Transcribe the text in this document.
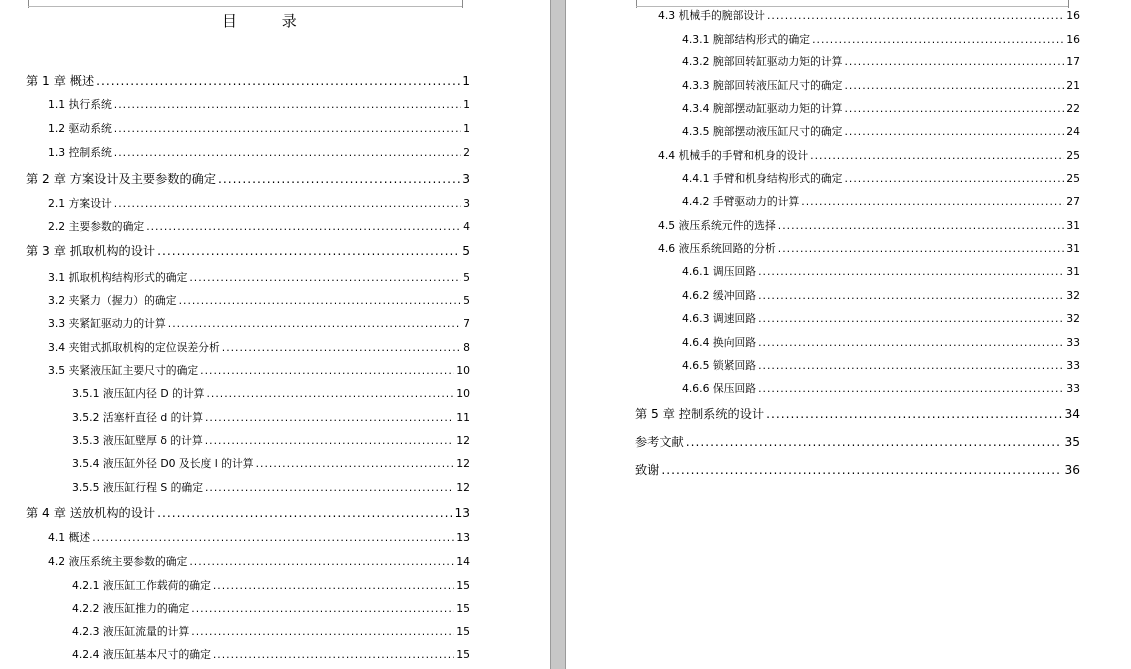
目 录
第 1 章 概述 .....	1
1.1 执行系统 .....	1
1.2 驱动系统 .....	1
1.3 控制系统 .....	2
第 2 章 方案设计及主要参数的确定 .....	3
2.1 方案设计 .....	3
2.2 主要参数的确定 .....	4
第 3 章 抓取机构的设计 .....	5
3.1 抓取机构结构形式的确定 .....	5
3.2 夹紧力（握力）的确定 .....	5
3.3 夹紧缸驱动力的计算 .....	7
3.4 夹钳式抓取机构的定位误差分析 .....	8
3.5 夹紧液压缸主要尺寸的确定 .....	10
3.5.1 液压缸内径 D 的计算 .....	10
3.5.2 活塞杆直径 d 的计算 .....	11
3.5.3 液压缸壁厚 δ 的计算 .....	12
3.5.4 液压缸外径 D0 及长度 l 的计算 .....	12
3.5.5 液压缸行程 S 的确定 .....	12
第 4 章 送放机构的设计 .....	13
4.1 概述 .....	13
4.2 液压系统主要参数的确定 .....	14
4.2.1 液压缸工作载荷的确定 .....	15
4.2.2 液压缸推力的确定 .....	15
4.2.3 液压缸流量的计算 .....	15
4.2.4 液压缸基本尺寸的确定 .....	15
4.3 机械手的腕部设计 .....	16
4.3.1 腕部结构形式的确定 .....	16
4.3.2 腕部回转缸驱动力矩的计算 .....	17
4.3.3 腕部回转液压缸尺寸的确定 .....	21
4.3.4 腕部摆动缸驱动力矩的计算 .....	22
4.3.5 腕部摆动液压缸尺寸的确定 .....	24
4.4 机械手的手臂和机身的设计 .....	25
4.4.1 手臂和机身结构形式的确定 .....	25
4.4.2 手臂驱动力的计算 .....	27
4.5 液压系统元件的选择 .....	31
4.6 液压系统回路的分析 .....	31
4.6.1 调压回路 .....	31
4.6.2 缓冲回路 .....	32
4.6.3 调速回路 .....	32
4.6.4 换向回路 .....	33
4.6.5 锁紧回路 .....	33
4.6.6 保压回路 .....	33
第 5 章 控制系统的设计 .....	34
参考文献 .....	35
致谢 .....	36
